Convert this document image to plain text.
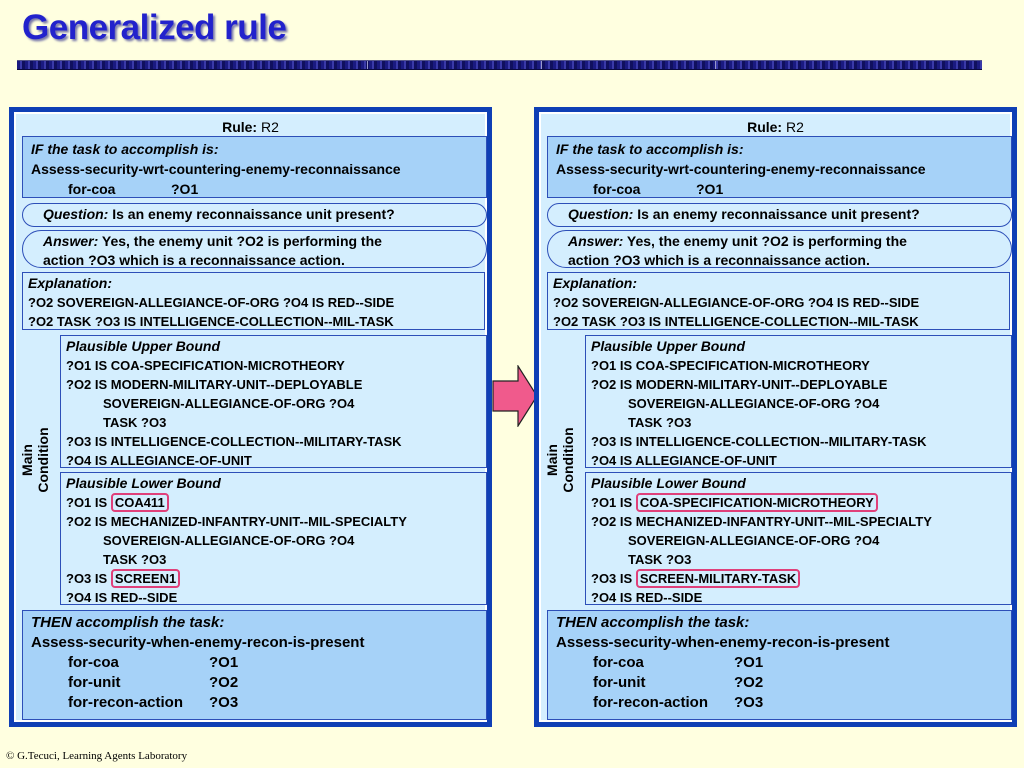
Generalized rule
Rule: R2
IF the task to accomplish is:
Assess-security-wrt-countering-enemy-reconnaissance
for-coa	?O1
Question: Is an enemy reconnaissance unit present?
Answer: Yes, the enemy unit ?O2 is performing the
action ?O3 which is a reconnaissance action.
Explanation:
?O2 SOVEREIGN-ALLEGIANCE-OF-ORG ?O4 IS RED--SIDE
?O2 TASK ?O3 IS INTELLIGENCE-COLLECTION--MIL-TASK
Main Condition
Plausible Upper Bound
?O1 IS COA-SPECIFICATION-MICROTHEORY
?O2 IS MODERN-MILITARY-UNIT--DEPLOYABLE
SOVEREIGN-ALLEGIANCE-OF-ORG ?O4
TASK ?O3
?O3 IS INTELLIGENCE-COLLECTION--MILITARY-TASK
?O4 IS ALLEGIANCE-OF-UNIT
Plausible Lower Bound
?O1 IS COA411
?O2 IS MECHANIZED-INFANTRY-UNIT--MIL-SPECIALTY
SOVEREIGN-ALLEGIANCE-OF-ORG ?O4
TASK ?O3
?O3 IS SCREEN1
?O4 IS RED--SIDE
THEN accomplish the task:
Assess-security-when-enemy-recon-is-present
for-coa	?O1
for-unit	?O2
for-recon-action ?O3
Rule: R2
IF the task to accomplish is:
Assess-security-wrt-countering-enemy-reconnaissance
for-coa	?O1
Question: Is an enemy reconnaissance unit present?
Answer: Yes, the enemy unit ?O2 is performing the
action ?O3 which is a reconnaissance action.
Explanation:
?O2 SOVEREIGN-ALLEGIANCE-OF-ORG ?O4 IS RED--SIDE
?O2 TASK ?O3 IS INTELLIGENCE-COLLECTION--MIL-TASK
Main Condition
Plausible Upper Bound
?O1 IS COA-SPECIFICATION-MICROTHEORY
?O2 IS MODERN-MILITARY-UNIT--DEPLOYABLE
SOVEREIGN-ALLEGIANCE-OF-ORG ?O4
TASK ?O3
?O3 IS INTELLIGENCE-COLLECTION--MILITARY-TASK
?O4 IS ALLEGIANCE-OF-UNIT
Plausible Lower Bound
?O1 IS COA-SPECIFICATION-MICROTHEORY
?O2 IS MECHANIZED-INFANTRY-UNIT--MIL-SPECIALTY
SOVEREIGN-ALLEGIANCE-OF-ORG ?O4
TASK ?O3
?O3 IS SCREEN-MILITARY-TASK
?O4 IS RED--SIDE
THEN accomplish the task:
Assess-security-when-enemy-recon-is-present
for-coa	?O1
for-unit	?O2
for-recon-action ?O3
© G.Tecuci, Learning Agents Laboratory
